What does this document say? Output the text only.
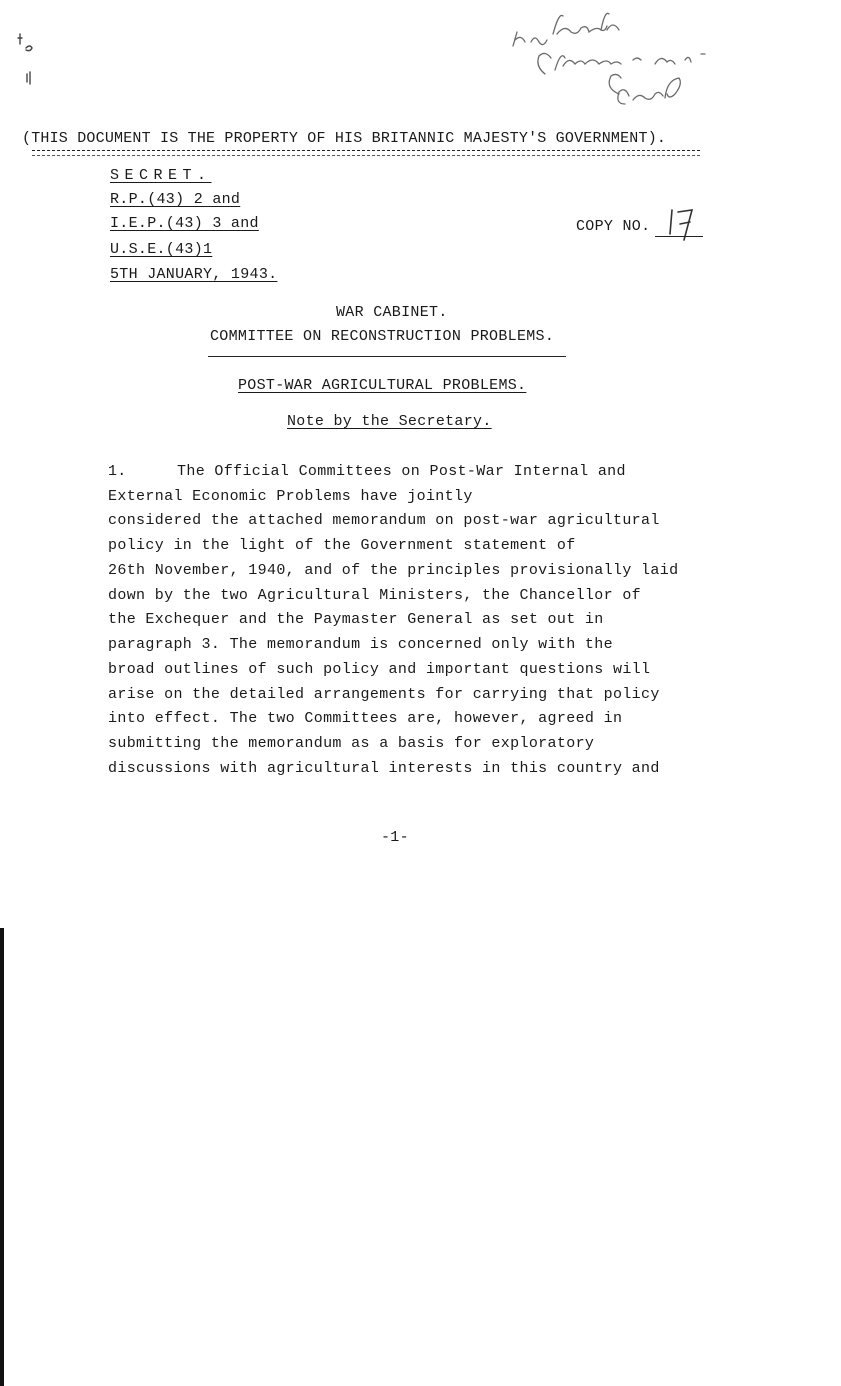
(THIS DOCUMENT IS THE PROPERTY OF HIS BRITANNIC MAJESTY'S GOVERNMENT).
SECRET.
R.P.(43) 2 and
I.E.P.(43) 3 and
U.S.E.(43)1
5TH JANUARY, 1943.
COPY NO.
17
WAR CABINET.
COMMITTEE ON RECONSTRUCTION PROBLEMS.
POST-WAR AGRICULTURAL PROBLEMS.
Note by the Secretary.
1.	The Official Committees on Post-War Internal and
External Economic Problems have jointly
considered the attached memorandum on post-war agricultural
policy in the light of the Government statement of
26th November, 1940, and of the principles provisionally laid
down by the two Agricultural Ministers, the Chancellor of
the Exchequer and the Paymaster General as set out in
paragraph 3. The memorandum is concerned only with the
broad outlines of such policy and important questions will
arise on the detailed arrangements for carrying that policy
into effect. The two Committees are, however, agreed in
submitting the memorandum as a basis for exploratory
discussions with agricultural interests in this country and
-1-
